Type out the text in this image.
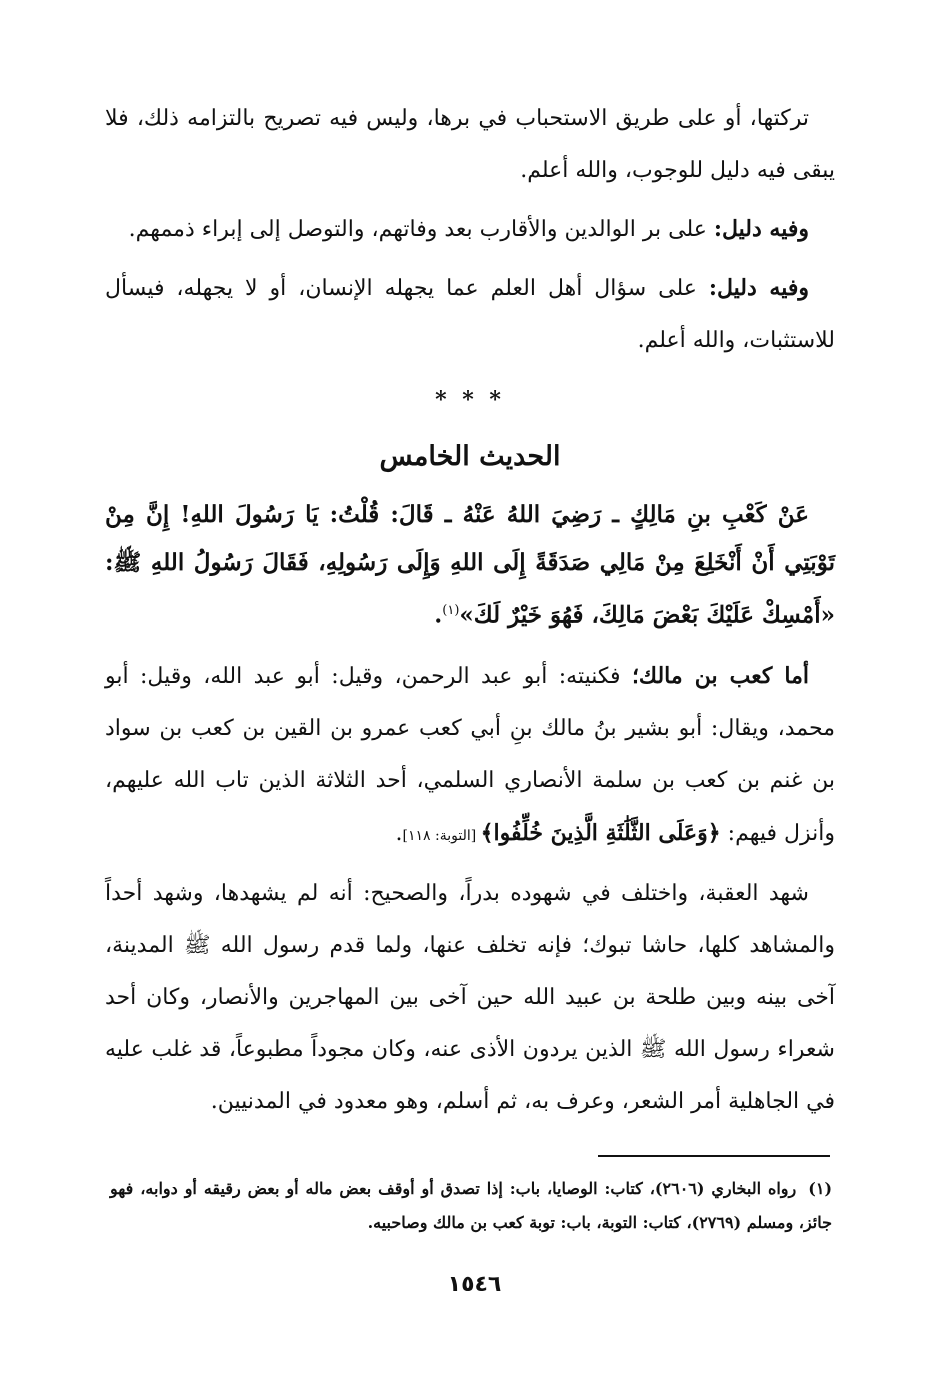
تركتها، أو على طريق الاستحباب في برها، وليس فيه تصريح بالتزامه ذلك، فلا يبقى فيه دليل للوجوب، والله أعلم.

وفيه دليل: على بر الوالدين والأقارب بعد وفاتهم، والتوصل إلى إبراء ذممهم.

وفيه دليل: على سؤال أهل العلم عما يجهله الإنسان، أو لا يجهله، فيسأل للاستثبات، والله أعلم.

* * *
الحديث الخامس

عَنْ كَعْبِ بنِ مَالِكٍ ـ رَضِيَ اللهُ عَنْهُ ـ قَالَ: قُلْتُ: يَا رَسُولَ اللهِ! إِنَّ مِنْ تَوْبَتِي أَنْ أَنْخَلِعَ مِنْ مَالِي صَدَقَةً إِلَى اللهِ وَإِلَى رَسُولِهِ، فَقَالَ رَسُولُ اللهِ ﷺ: «أَمْسِكْ عَلَيْكَ بَعْضَ مَالِكَ، فَهُوَ خَيْرٌ لَكَ»$^{(١)}$.

أما كعب بن مالك؛ فكنيته: أبو عبد الرحمن، وقيل: أبو عبد الله، وقيل: أبو محمد، ويقال: أبو بشير بنُ مالك بنِ أبي كعب عمرو بن القين بن كعب بن سواد بن غنم بن كعب بن سلمة الأنصاري السلمي، أحد الثلاثة الذين تاب الله عليهم، وأنزل فيهم: ﴿وَعَلَى الثَّلَٰثَةِ الَّذِينَ خُلِّفُوا﴾ [التوبة: ١١٨].

شهد العقبة، واختلف في شهوده بدراً، والصحيح: أنه لم يشهدها، وشهد أحداً والمشاهد كلها، حاشا تبوك؛ فإنه تخلف عنها، ولما قدم رسول الله ﷺ المدينة، آخى بينه وبين طلحة بن عبيد الله حين آخى بين المهاجرين والأنصار، وكان أحد شعراء رسول الله ﷺ الذين يردون الأذى عنه، وكان مجوداً مطبوعاً، قد غلب عليه في الجاهلية أمر الشعر، وعرف به، ثم أسلم، وهو معدود في المدنيين.

(١)رواه البخاري (٢٦٠٦)، كتاب: الوصايا، باب: إذا تصدق أو أوقف بعض ماله أو بعض رقيقه أو دوابه، فهو جائز، ومسلم (٢٧٦٩)، كتاب: التوبة، باب: توبة كعب بن مالك وصاحبيه.
١٥٤٦
